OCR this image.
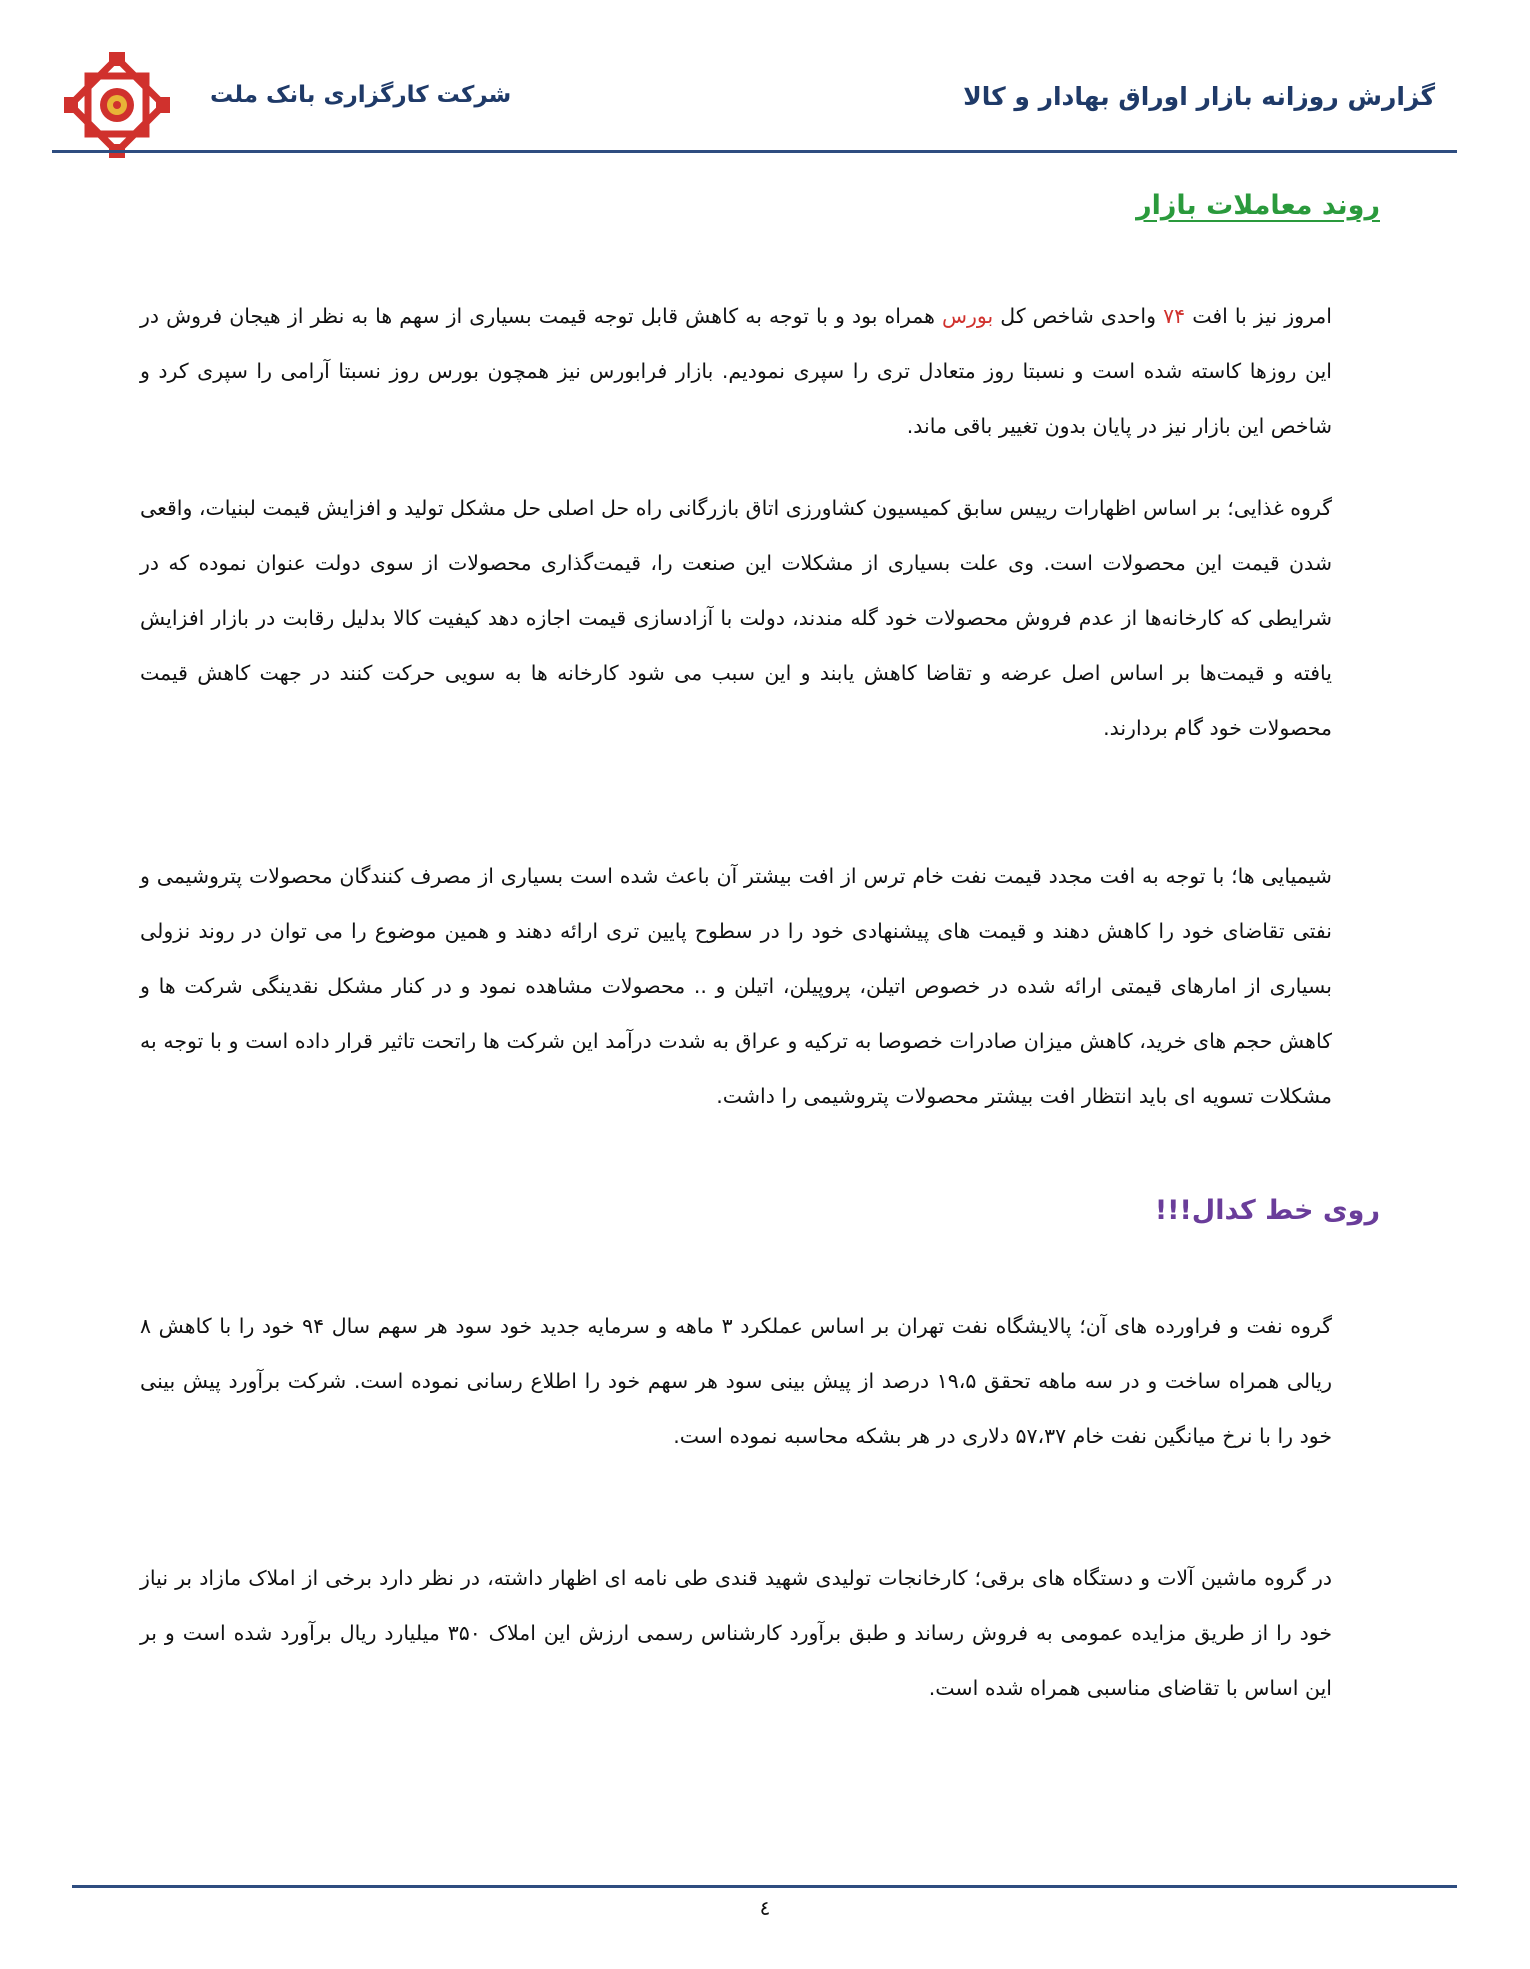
شرکت کارگزاری بانک ملت	گزارش روزانه بازار اوراق بهادار و کالا
روند معاملات بازار

امروز نیز با افت ۷۴ واحدی شاخص کل بورس همراه بود و با توجه به کاهش قابل توجه قیمت بسیاری از سهم ها به نظر از هیجان فروش در این روزها کاسته شده است و نسبتا روز متعادل تری را سپری نمودیم. بازار فرابورس نیز همچون بورس روز نسبتا آرامی را سپری کرد و شاخص این بازار نیز در پایان بدون تغییر باقی ماند.

گروه غذایی؛ بر اساس اظهارات رییس سابق کمیسیون کشاورزی اتاق بازرگانی راه حل اصلی حل مشکل تولید و افزایش قیمت لبنیات، واقعی شدن قیمت این محصولات است. وی علت بسیاری از مشکلات این صنعت را، قیمت‌گذاری محصولات از سوی دولت عنوان نموده که در شرایطی که کارخانه‌ها از عدم فروش محصولات خود گله مندند، دولت با آزادسازی قیمت اجازه دهد کیفیت کالا بدلیل رقابت در بازار افزایش یافته و قیمت‌ها بر اساس اصل عرضه و تقاضا کاهش یابند و این سبب می شود کارخانه ها به سویی حرکت کنند در جهت کاهش قیمت محصولات خود گام بردارند.

شیمیایی ها؛ با توجه به افت مجدد قیمت نفت خام ترس از افت بیشتر آن باعث شده است بسیاری از مصرف کنندگان محصولات پتروشیمی و نفتی تقاضای خود را کاهش دهند و قیمت های پیشنهادی خود را در سطوح پایین تری ارائه دهند و همین موضوع را می توان در روند نزولی بسیاری از امارهای قیمتی ارائه شده در خصوص اتیلن، پروپیلن، اتیلن و .. محصولات مشاهده نمود و در کنار مشکل نقدینگی شرکت ها و کاهش حجم های خرید، کاهش میزان صادرات خصوصا به ترکیه و عراق به شدت درآمد این شرکت ها راتحت تاثیر قرار داده است و با توجه به مشکلات تسویه ای باید انتظار افت بیشتر محصولات پتروشیمی را داشت.

روی خط کدال!!!

گروه نفت و فراورده های آن؛ پالایشگاه نفت تهران بر اساس عملکرد ۳ ماهه و سرمایه جدید خود سود هر سهم سال ۹۴ خود را با کاهش ۸ ریالی همراه ساخت و در سه ماهه تحقق ۱۹،۵ درصد از پیش بینی سود هر سهم خود را اطلاع رسانی نموده است. شرکت برآورد پیش بینی خود را با نرخ میانگین نفت خام ۵۷،۳۷ دلاری در هر بشکه محاسبه نموده است.

در گروه ماشین آلات و دستگاه های برقی؛ کارخانجات تولیدی شهید قندی طی نامه ای اظهار داشته، در نظر دارد برخی از املاک مازاد بر نیاز خود را از طریق مزایده عمومی به فروش رساند و طبق برآورد کارشناس رسمی ارزش این املاک ۳۵۰ میلیارد ریال برآورد شده است و بر این اساس با تقاضای مناسبی همراه شده است.

٤
